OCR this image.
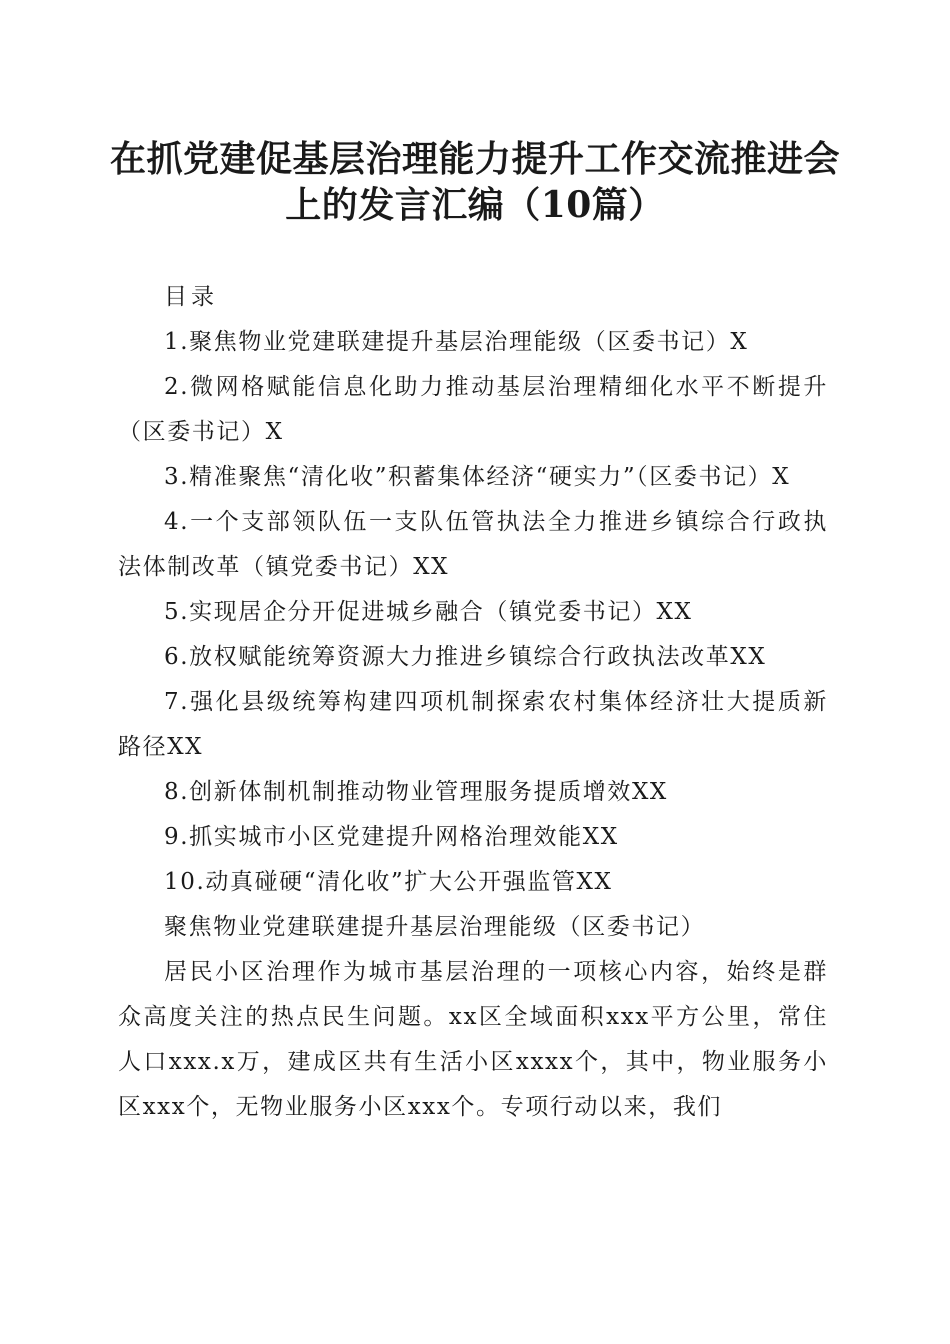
在抓党建促基层治理能力提升工作交流推进会
上的发言汇编（10篇）

目录

1.聚焦物业党建联建提升基层治理能级（区委书记）X

2.微网格赋能信息化助力推动基层治理精细化水平不断提升（区委书记）X

3.精准聚焦“清化收”积蓄集体经济“硬实力”（区委书记）X

4.一个支部领队伍一支队伍管执法全力推进乡镇综合行政执法体制改革（镇党委书记）XX

5.实现居企分开促进城乡融合（镇党委书记）XX

6.放权赋能统筹资源大力推进乡镇综合行政执法改革XX

7.强化县级统筹构建四项机制探索农村集体经济壮大提质新路径XX

8.创新体制机制推动物业管理服务提质增效XX

9.抓实城市小区党建提升网格治理效能XX

10.动真碰硬“清化收”扩大公开强监管XX

聚焦物业党建联建提升基层治理能级（区委书记）

居民小区治理作为城市基层治理的一项核心内容，始终是群众高度关注的热点民生问题。xx区全域面积xxx平方公里，常住人口xxx.x万，建成区共有生活小区xxxx个，其中，物业服务小区xxx个，无物业服务小区xxx个。专项行动以来，我们
